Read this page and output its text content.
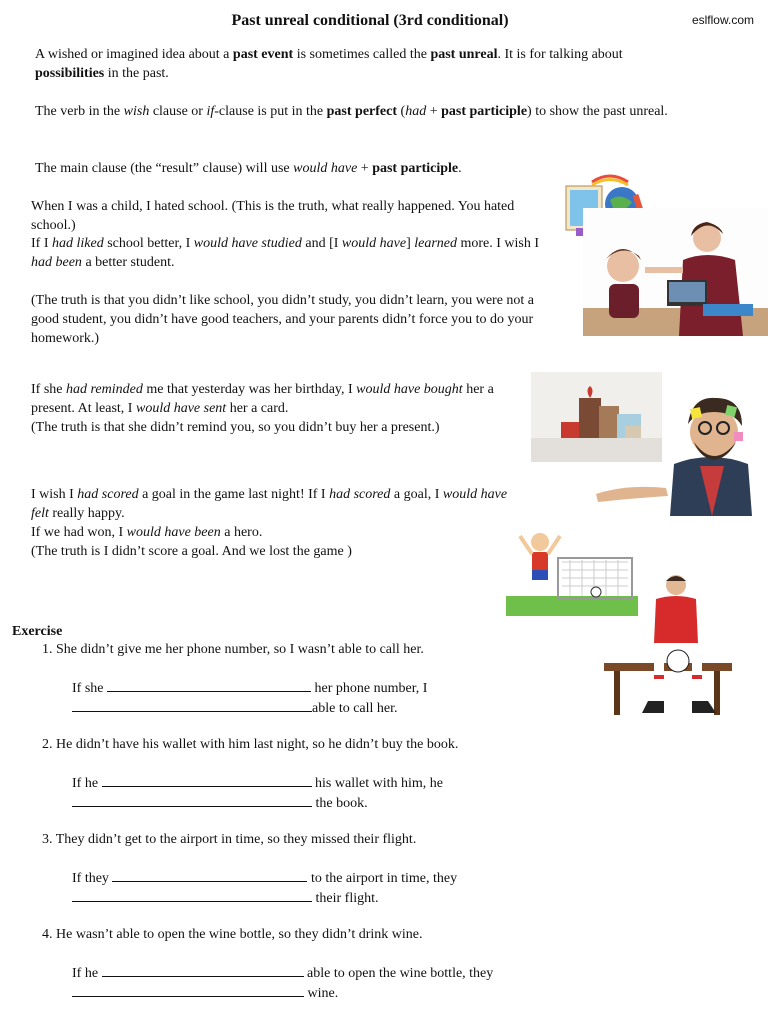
Past unreal conditional (3rd conditional)	eslflow.com
A wished or imagined idea about a past event is sometimes called the past unreal. It is for talking about possibilities in the past.
The verb in the wish clause or if-clause is put in the past perfect (had + past participle) to show the past unreal.
The main clause (the “result” clause) will use would have + past participle.
When I was a child, I hated school. (This is the truth, what really happened. You hated school.)
If I had liked school better, I would have studied and [I would have] learned more. I wish I had been a better student.
(The truth is that you didn’t like school, you didn’t study, you didn’t learn, you were not a good student, you didn’t have good teachers, and your parents didn’t force you to do your homework.)
If she had reminded me that yesterday was her birthday, I would have bought her a present. At least, I would have sent her a card.
(The truth is that she didn’t remind you, so you didn’t buy her a present.)
I wish I had scored a goal in the game last night! If I had scored a goal, I would have felt really happy.
If we had won, I would have been a hero.
(The truth is I didn’t score a goal. And we lost the game )
Exercise
1. She didn’t give me her phone number, so I wasn’t able to call her.
If she	her phone number, I
able to call her.
2. He didn’t have his wallet with him last night, so he didn’t buy the book.
If he	his wallet with him, he
the book.
3. They didn’t get to the airport in time, so they missed their flight.
If they	to the airport in time, they
their flight.
4. He wasn’t able to open the wine bottle, so they didn’t drink wine.
If he	able to open the wine bottle, they
wine.
